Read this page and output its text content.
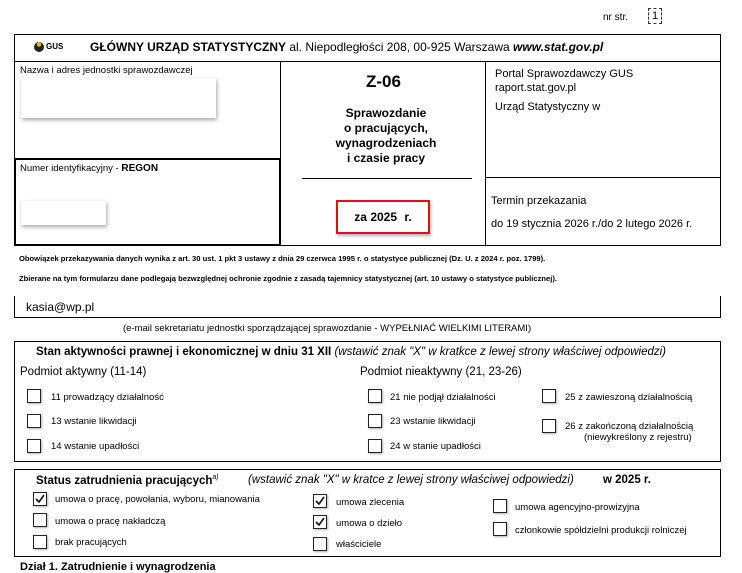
nr str.	1
GUS GŁÓWNY URZĄD STATYSTYCZNY al. Niepodległości 208, 00-925 Warszawa www.stat.gov.pl
Nazwa i adres jednostki sprawozdawczej
Numer identyfikacyjny - REGON
Z-06
Sprawozdanie
o pracujących,
wynagrodzeniach
i czasie pracy
za 2025 r.
Portal Sprawozdawczy GUS
raport.stat.gov.pl
Urząd Statystyczny w
Termin przekazania
do 19 stycznia 2026 r./do 2 lutego 2026 r.
Obowiązek przekazywania danych wynika z art. 30 ust. 1 pkt 3 ustawy z dnia 29 czerwca 1995 r. o statystyce publicznej (Dz. U. z 2024 r. poz. 1799).
Zbierane na tym formularzu dane podlegają bezwzględnej ochronie zgodnie z zasadą tajemnicy statystycznej (art. 10 ustawy o statystyce publicznej).
kasia@wp.pl
(e-mail sekretariatu jednostki sporządzającej sprawozdanie - WYPEŁNIAĆ WIELKIMI LITERAMI)
Stan aktywności prawnej i ekonomicznej w dniu 31 XII (wstawić znak "X" w kratkce z lewej strony właściwej odpowiedzi)
Podmiot aktywny (11-14)	Podmiot nieaktywny (21, 23-26)
11 prowadzący działalność
13 wstanie likwidacji
14 wstanie upadłości
21 nie podjął działalności
23 wstanie likwidacji
24 w stanie upadłości
25 z zawieszoną działalnością
26 z zakończoną działalnością
(niewykreślony z rejestru)
Status zatrudnienia pracujących$^{a)}$	(wstawić znak "X" w kratce z lewej strony właściwej odpowiedzi)	w 2025 r.
umowa o pracę, powołania, wyboru, mianowania
umowa o pracę nakładczą
brak pracujących
umowa zlecenia
umowa o dzieło
właściciele
umowa agencyjno-prowizyjna
członkowie spółdzielni produkcji rolniczej
Dział 1. Zatrudnienie i wynagrodzenia
